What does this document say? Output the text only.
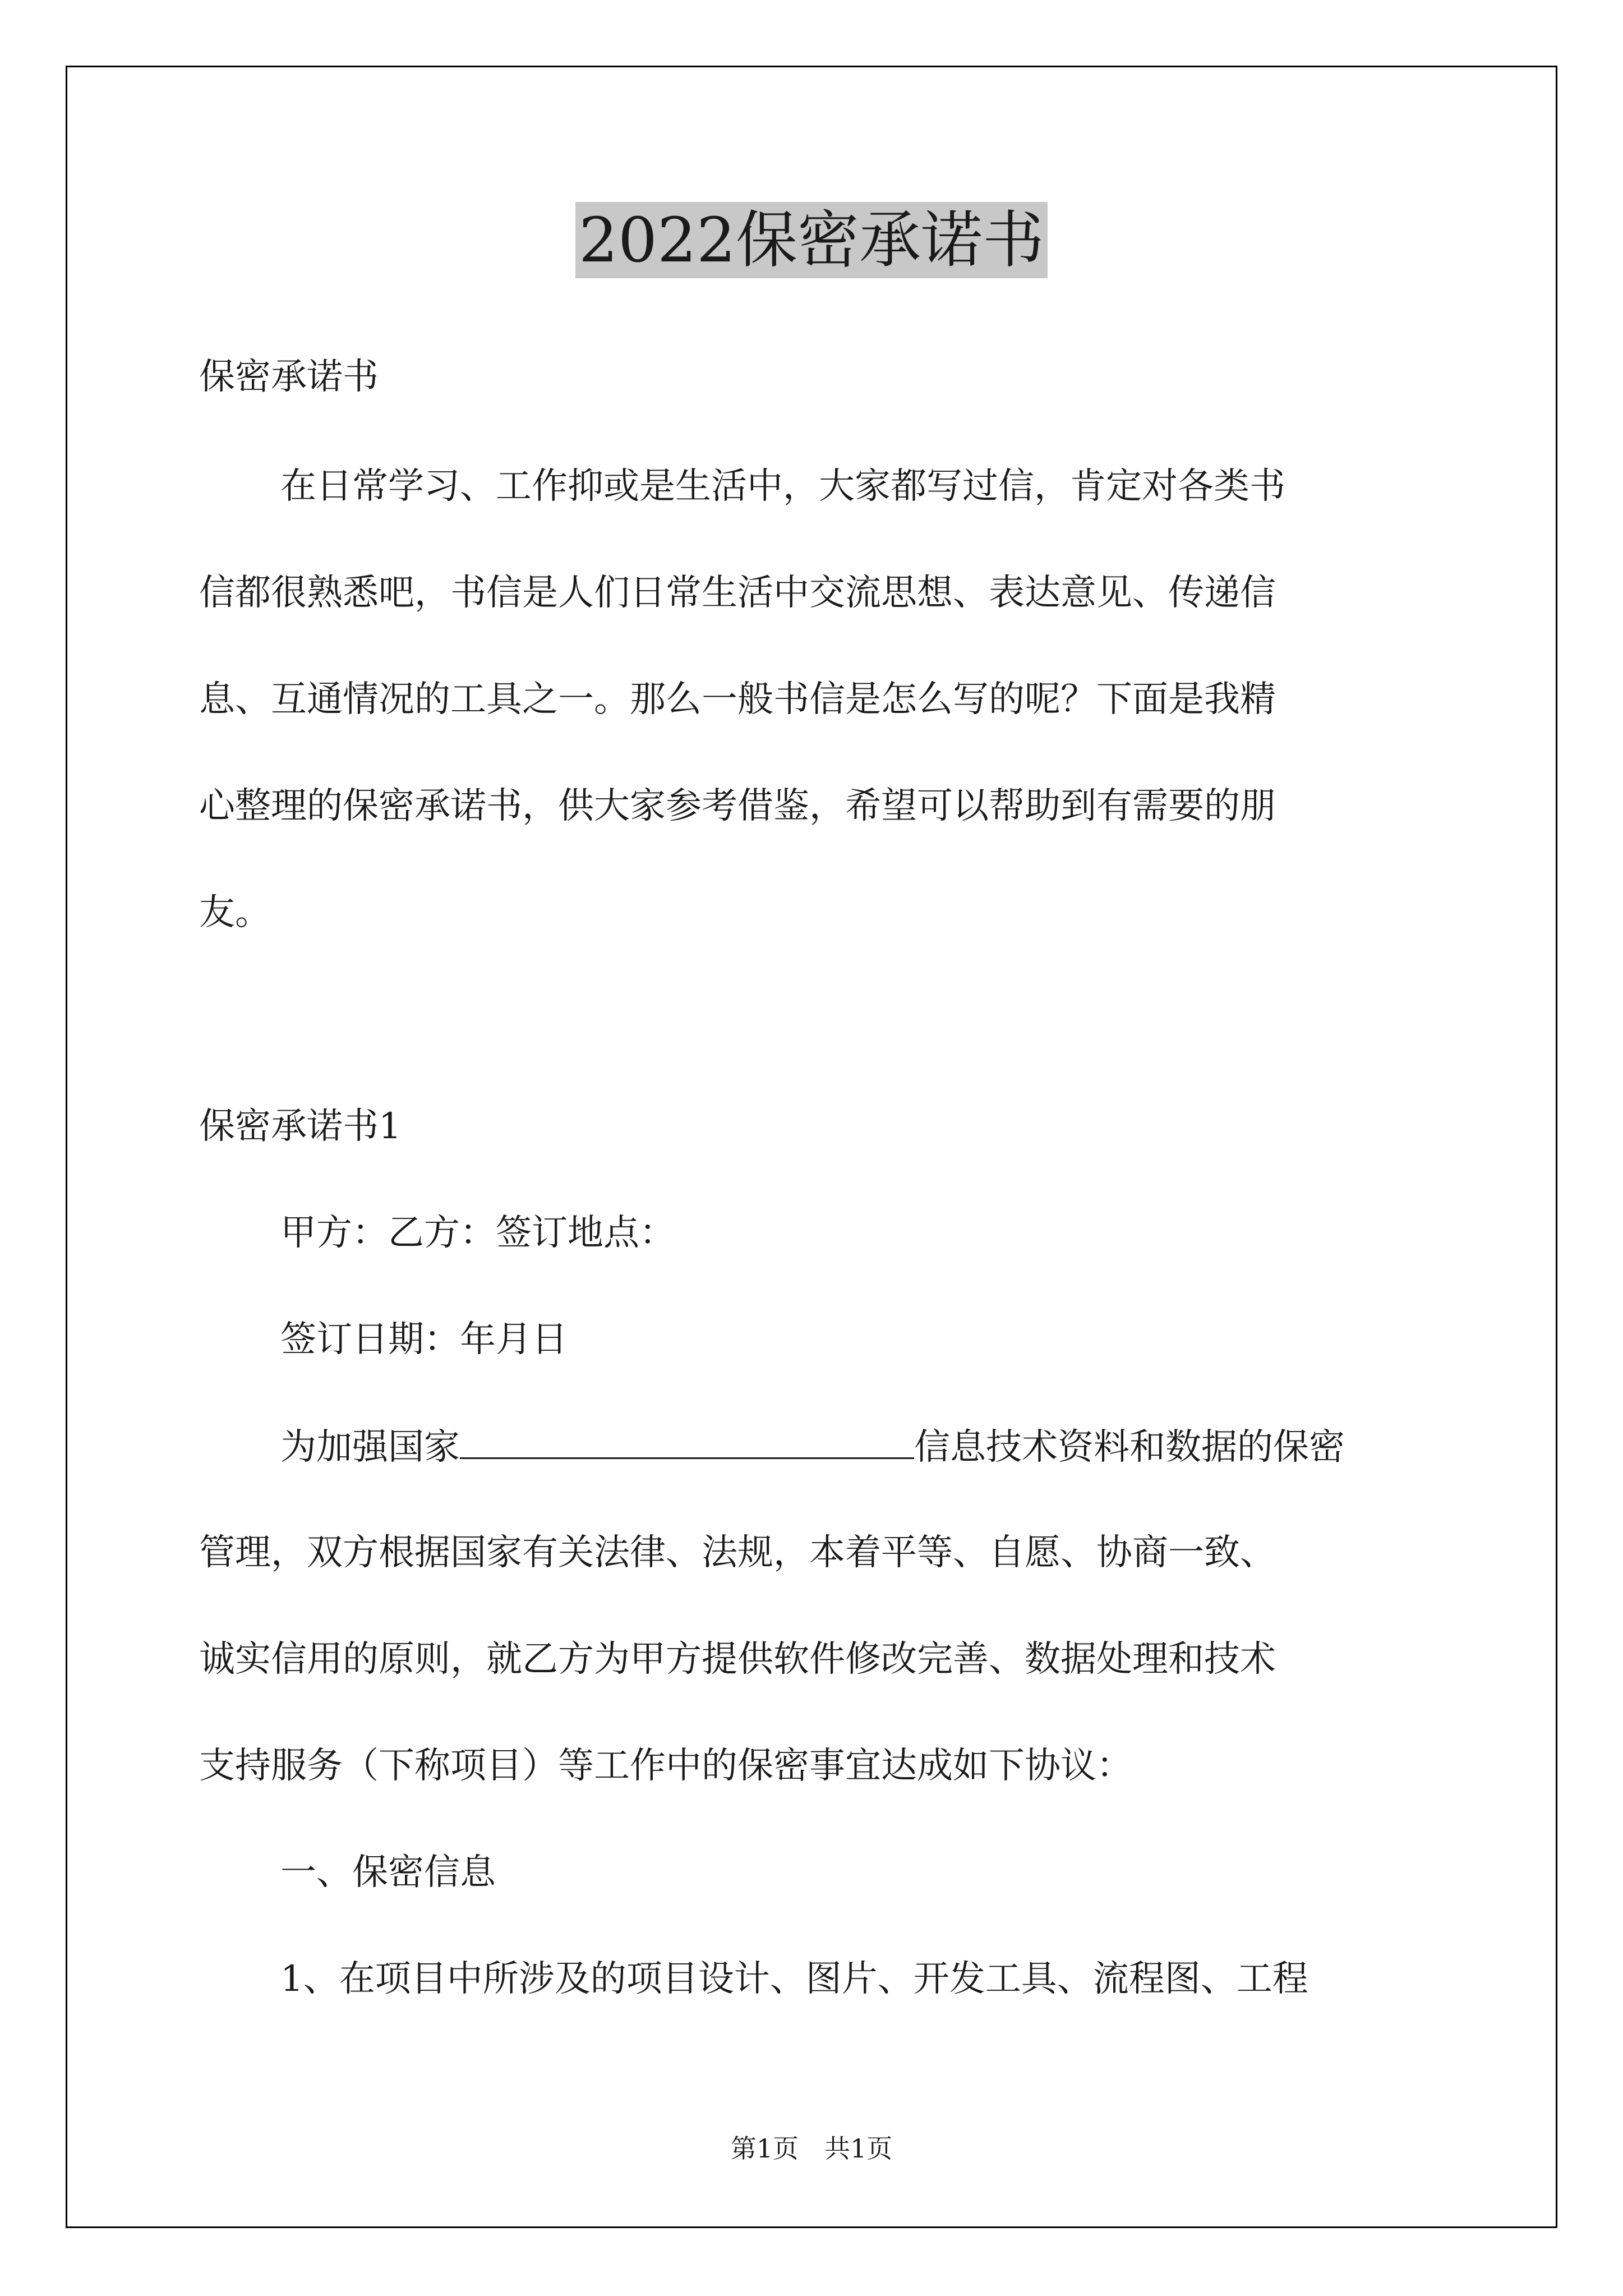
2022保密承诺书
保密承诺书
在日常学习、工作抑或是生活中，大家都写过信，肯定对各类书
信都很熟悉吧，书信是人们日常生活中交流思想、表达意见、传递信
息、互通情况的工具之一。那么一般书信是怎么写的呢？下面是我精
心整理的保密承诺书，供大家参考借鉴，希望可以帮助到有需要的朋
友。
保密承诺书1
甲方：乙方：签订地点：
签订日期：年月日
为加强国家	信息技术资料和数据的保密
管理，双方根据国家有关法律、法规，本着平等、自愿、协商一致、
诚实信用的原则，就乙方为甲方提供软件修改完善、数据处理和技术
支持服务（下称项目）等工作中的保密事宜达成如下协议：
一、保密信息
1、在项目中所涉及的项目设计、图片、开发工具、流程图、工程
第1页　共1页
